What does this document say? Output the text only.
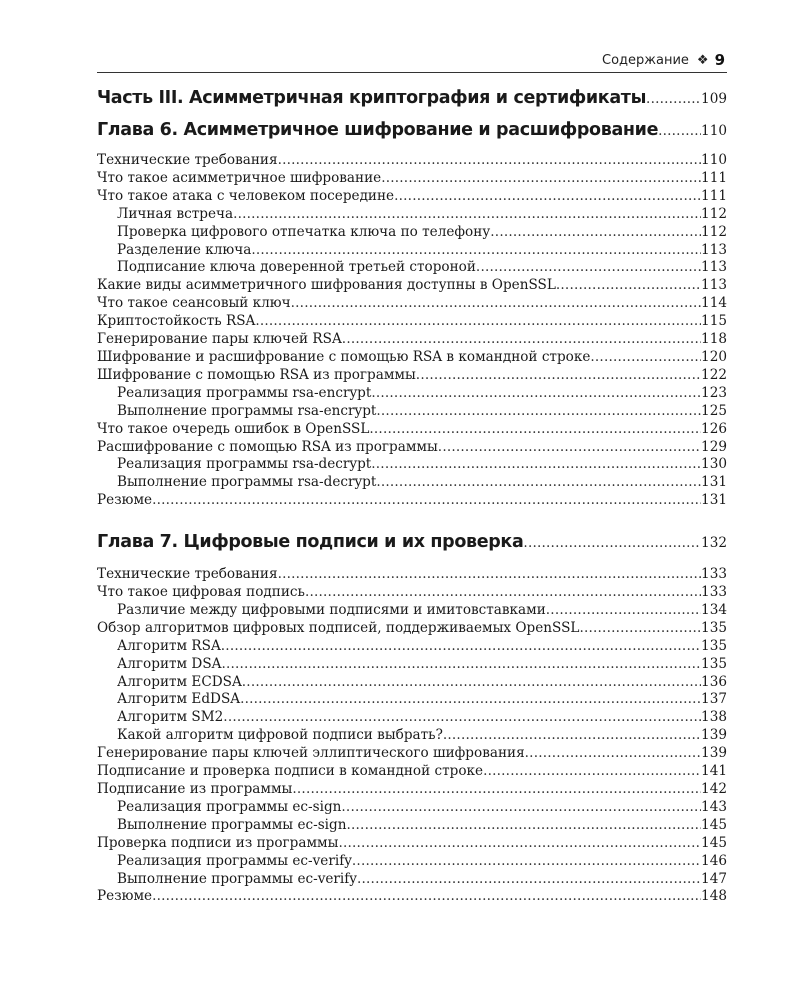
Содержание ❖ 9
Часть III. Асимметричная криптография и сертификаты .....	109
Глава 6. Асимметричное шифрование и расшифрование .....	110
Технические требования .....	110
Что такое асимметричное шифрование .....	111
Что такое атака с человеком посередине .....	111
Личная встреча .....	112
Проверка цифрового отпечатка ключа по телефону .....	112
Разделение ключа .....	113
Подписание ключа доверенной третьей стороной .....	113
Какие виды асимметричного шифрования доступны в OpenSSL .....	113
Что такое сеансовый ключ .....	114
Криптостойкость RSA .....	115
Генерирование пары ключей RSA .....	118
Шифрование и расшифрование с помощью RSA в командной строке .....	120
Шифрование с помощью RSA из программы .....	122
Реализация программы rsa-encrypt .....	123
Выполнение программы rsa-encrypt .....	125
Что такое очередь ошибок в OpenSSL .....	126
Расшифрование с помощью RSA из программы .....	129
Реализация программы rsa-decrypt .....	130
Выполнение программы rsa-decrypt .....	131
Резюме .....	131
Глава 7. Цифровые подписи и их проверка .....	132
Технические требования .....	133
Что такое цифровая подпись .....	133
Различие между цифровыми подписями и имитовставками .....	134
Обзор алгоритмов цифровых подписей, поддерживаемых OpenSSL .....	135
Алгоритм RSA .....	135
Алгоритм DSA .....	135
Алгоритм ECDSA .....	136
Алгоритм EdDSA .....	137
Алгоритм SM2 .....	138
Какой алгоритм цифровой подписи выбрать? .....	139
Генерирование пары ключей эллиптического шифрования .....	139
Подписание и проверка подписи в командной строке .....	141
Подписание из программы .....	142
Реализация программы ec-sign .....	143
Выполнение программы ec-sign .....	145
Проверка подписи из программы .....	145
Реализация программы ec-verify .....	146
Выполнение программы ec-verify .....	147
Резюме .....	148
